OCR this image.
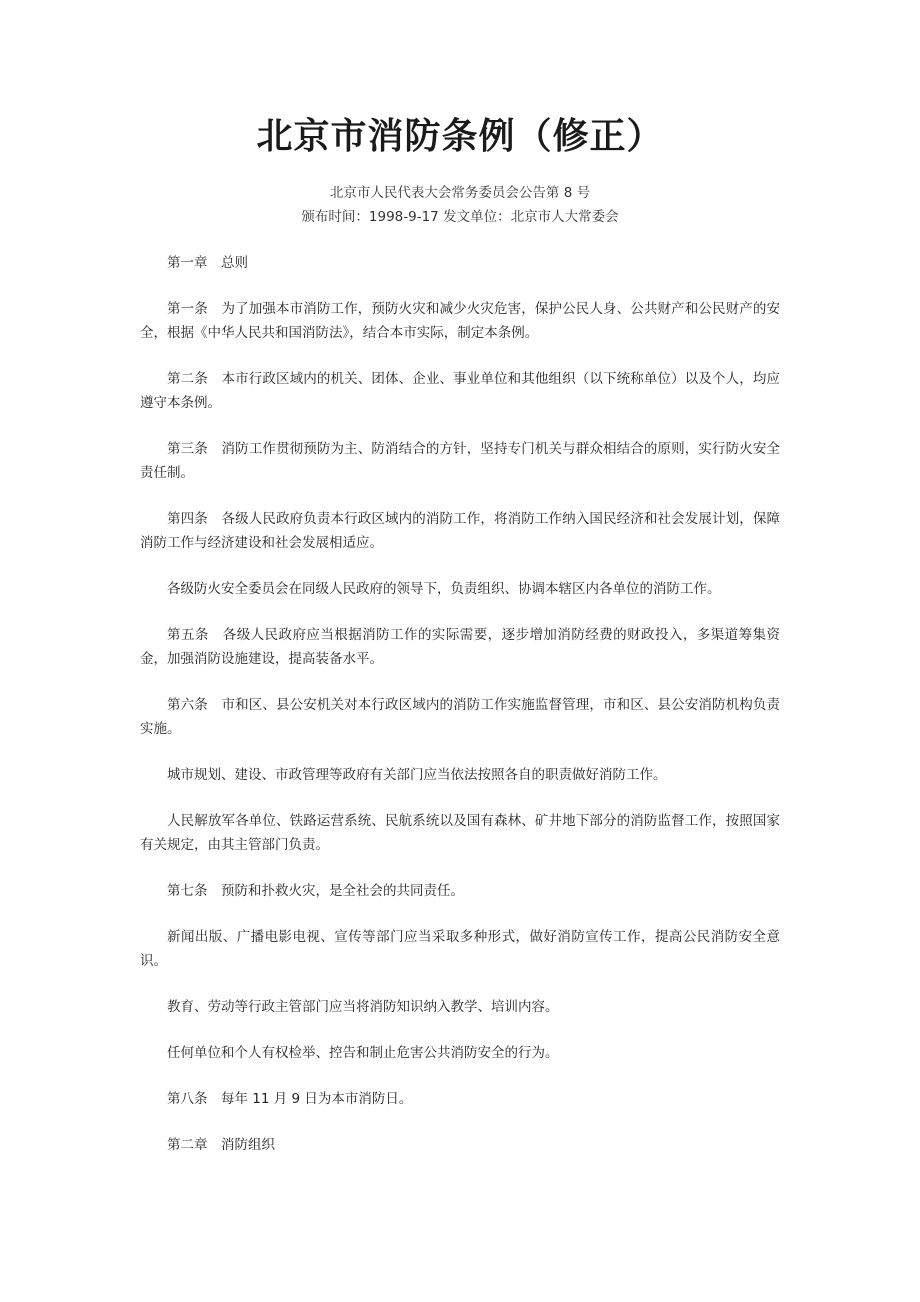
北京市消防条例（修正）
北京市人民代表大会常务委员会公告第 8 号
颁布时间：1998-9-17 发文单位：北京市人大常委会

第一章　总则

第一条　为了加强本市消防工作，预防火灾和减少火灾危害，保护公民人身、公共财产和公民财产的安全，根据《中华人民共和国消防法》，结合本市实际，制定本条例。

第二条　本市行政区域内的机关、团体、企业、事业单位和其他组织（以下统称单位）以及个人，均应遵守本条例。

第三条　消防工作贯彻预防为主、防消结合的方针，坚持专门机关与群众相结合的原则，实行防火安全责任制。

第四条　各级人民政府负责本行政区域内的消防工作，将消防工作纳入国民经济和社会发展计划，保障消防工作与经济建设和社会发展相适应。

各级防火安全委员会在同级人民政府的领导下，负责组织、协调本辖区内各单位的消防工作。

第五条　各级人民政府应当根据消防工作的实际需要，逐步增加消防经费的财政投入，多渠道筹集资金，加强消防设施建设，提高装备水平。

第六条　市和区、县公安机关对本行政区域内的消防工作实施监督管理，市和区、县公安消防机构负责实施。

城市规划、建设、市政管理等政府有关部门应当依法按照各自的职责做好消防工作。

人民解放军各单位、铁路运营系统、民航系统以及国有森林、矿井地下部分的消防监督工作，按照国家有关规定，由其主管部门负责。

第七条　预防和扑救火灾，是全社会的共同责任。

新闻出版、广播电影电视、宣传等部门应当采取多种形式，做好消防宣传工作，提高公民消防安全意识。

教育、劳动等行政主管部门应当将消防知识纳入教学、培训内容。

任何单位和个人有权检举、控告和制止危害公共消防安全的行为。

第八条　每年 11 月 9 日为本市消防日。

第二章　消防组织
